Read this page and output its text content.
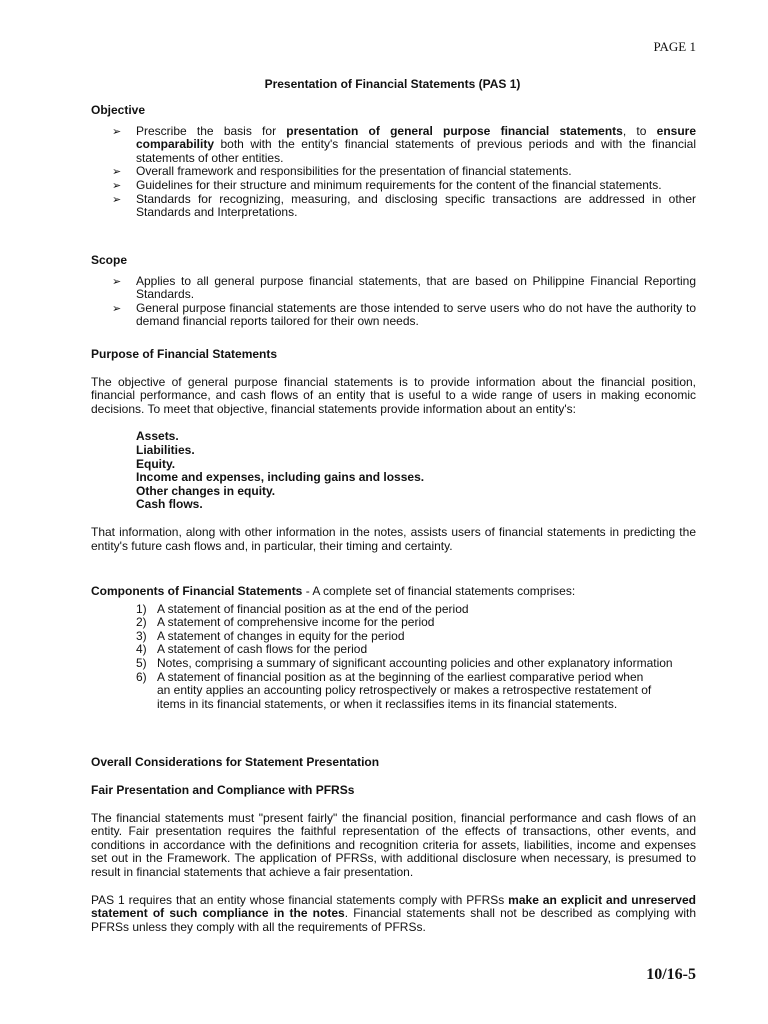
PAGE 1
Presentation of Financial Statements (PAS 1)
Objective
➢ Prescribe the basis for presentation of general purpose financial statements, to ensure comparability both with the entity's financial statements of previous periods and with the financial statements of other entities.
➢ Overall framework and responsibilities for the presentation of financial statements.
➢ Guidelines for their structure and minimum requirements for the content of the financial statements.
➢ Standards for recognizing, measuring, and disclosing specific transactions are addressed in other Standards and Interpretations.
Scope
➢ Applies to all general purpose financial statements, that are based on Philippine Financial Reporting Standards.
➢ General purpose financial statements are those intended to serve users who do not have the authority to demand financial reports tailored for their own needs.
Purpose of Financial Statements
The objective of general purpose financial statements is to provide information about the financial position, financial performance, and cash flows of an entity that is useful to a wide range of users in making economic decisions. To meet that objective, financial statements provide information about an entity's:
Assets.
Liabilities.
Equity.
Income and expenses, including gains and losses.
Other changes in equity.
Cash flows.
That information, along with other information in the notes, assists users of financial statements in predicting the entity's future cash flows and, in particular, their timing and certainty.
Components of Financial Statements - A complete set of financial statements comprises:
1) A statement of financial position as at the end of the period
2) A statement of comprehensive income for the period
3) A statement of changes in equity for the period
4) A statement of cash flows for the period
5) Notes, comprising a summary of significant accounting policies and other explanatory information
6) A statement of financial position as at the beginning of the earliest comparative period when an entity applies an accounting policy retrospectively or makes a retrospective restatement of items in its financial statements, or when it reclassifies items in its financial statements.
Overall Considerations for Statement Presentation
Fair Presentation and Compliance with PFRSs
The financial statements must "present fairly" the financial position, financial performance and cash flows of an entity. Fair presentation requires the faithful representation of the effects of transactions, other events, and conditions in accordance with the definitions and recognition criteria for assets, liabilities, income and expenses set out in the Framework. The application of PFRSs, with additional disclosure when necessary, is presumed to result in financial statements that achieve a fair presentation.
PAS 1 requires that an entity whose financial statements comply with PFRSs make an explicit and unreserved statement of such compliance in the notes. Financial statements shall not be described as complying with PFRSs unless they comply with all the requirements of PFRSs.
10/16-5
